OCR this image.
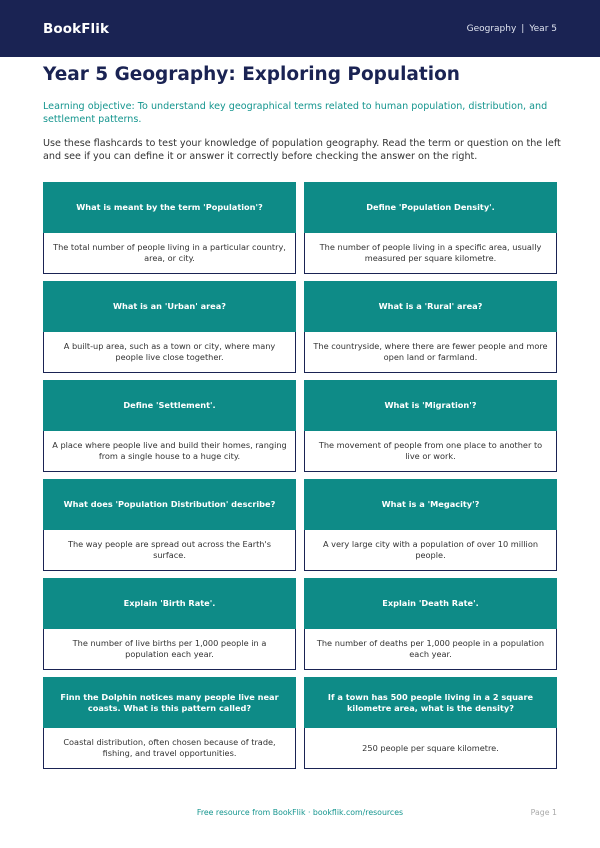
BookFlik	Geography | Year 5
Year 5 Geography: Exploring Population

Learning objective: To understand key geographical terms related to human population, distribution, and settlement patterns.

Use these flashcards to test your knowledge of population geography. Read the term or question on the left and see if you can define it or answer it correctly before checking the answer on the right.

What is meant by the term 'Population'?
The total number of people living in a particular country, area, or city.
Define 'Population Density'.
The number of people living in a specific area, usually measured per square kilometre.
What is an 'Urban' area?
A built-up area, such as a town or city, where many people live close together.
What is a 'Rural' area?
The countryside, where there are fewer people and more open land or farmland.
Define 'Settlement'.
A place where people live and build their homes, ranging from a single house to a huge city.
What is 'Migration'?
The movement of people from one place to another to live or work.
What does 'Population Distribution' describe?
The way people are spread out across the Earth's surface.
What is a 'Megacity'?
A very large city with a population of over 10 million people.
Explain 'Birth Rate'.
The number of live births per 1,000 people in a population each year.
Explain 'Death Rate'.
The number of deaths per 1,000 people in a population each year.
Finn the Dolphin notices many people live near coasts. What is this pattern called?
Coastal distribution, often chosen because of trade, fishing, and travel opportunities.
If a town has 500 people living in a 2 square kilometre area, what is the density?
250 people per square kilometre.
Free resource from BookFlik · bookflik.com/resources	Page 1
